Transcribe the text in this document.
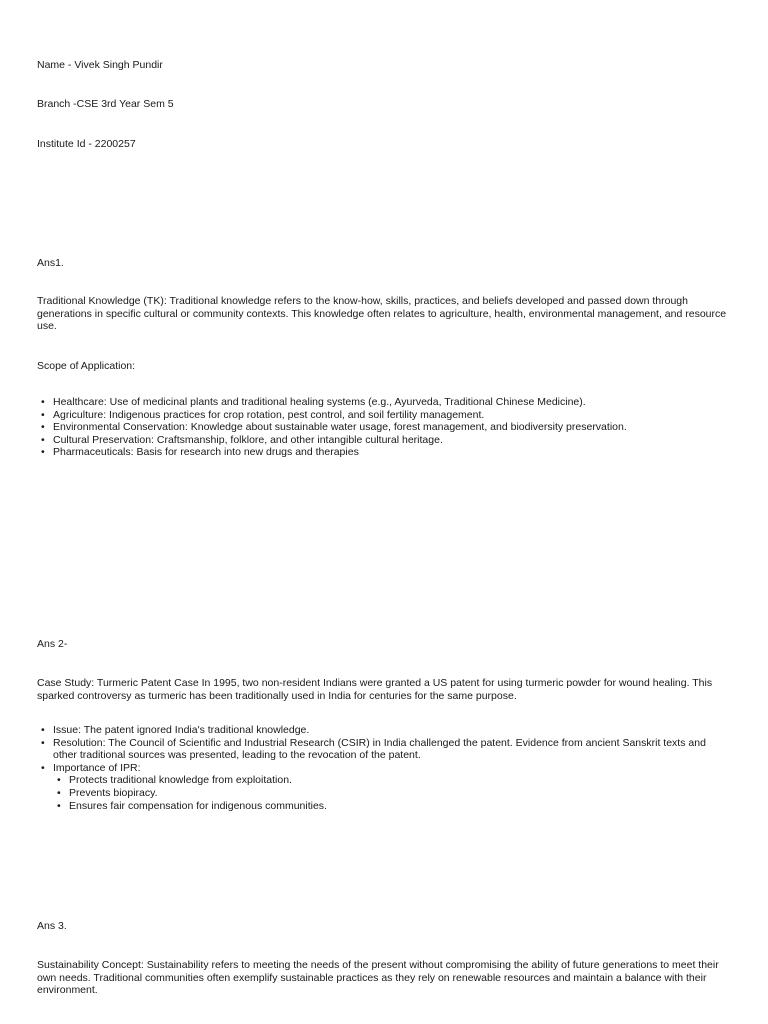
Name - Vivek Singh Pundir

Branch -CSE 3rd Year Sem 5

Institute Id - 2200257

Ans1.

Traditional Knowledge (TK): Traditional knowledge refers to the know-how, skills, practices, and beliefs developed and passed down through generations in specific cultural or community contexts. This knowledge often relates to agriculture, health, environmental management, and resource use.

Scope of Application:

• Healthcare: Use of medicinal plants and traditional healing systems (e.g., Ayurveda, Traditional Chinese Medicine).
• Agriculture: Indigenous practices for crop rotation, pest control, and soil fertility management.
• Environmental Conservation: Knowledge about sustainable water usage, forest management, and biodiversity preservation.
• Cultural Preservation: Craftsmanship, folklore, and other intangible cultural heritage.
• Pharmaceuticals: Basis for research into new drugs and therapies

Ans 2-

Case Study: Turmeric Patent Case In 1995, two non-resident Indians were granted a US patent for using turmeric powder for wound healing. This sparked controversy as turmeric has been traditionally used in India for centuries for the same purpose.

• Issue: The patent ignored India's traditional knowledge.
• Resolution: The Council of Scientific and Industrial Research (CSIR) in India challenged the patent. Evidence from ancient Sanskrit texts and other traditional sources was presented, leading to the revocation of the patent.
• Importance of IPR:
• Protects traditional knowledge from exploitation.
• Prevents biopiracy.
• Ensures fair compensation for indigenous communities.

Ans 3.

Sustainability Concept: Sustainability refers to meeting the needs of the present without compromising the ability of future generations to meet their own needs. Traditional communities often exemplify sustainable practices as they rely on renewable resources and maintain a balance with their environment.
